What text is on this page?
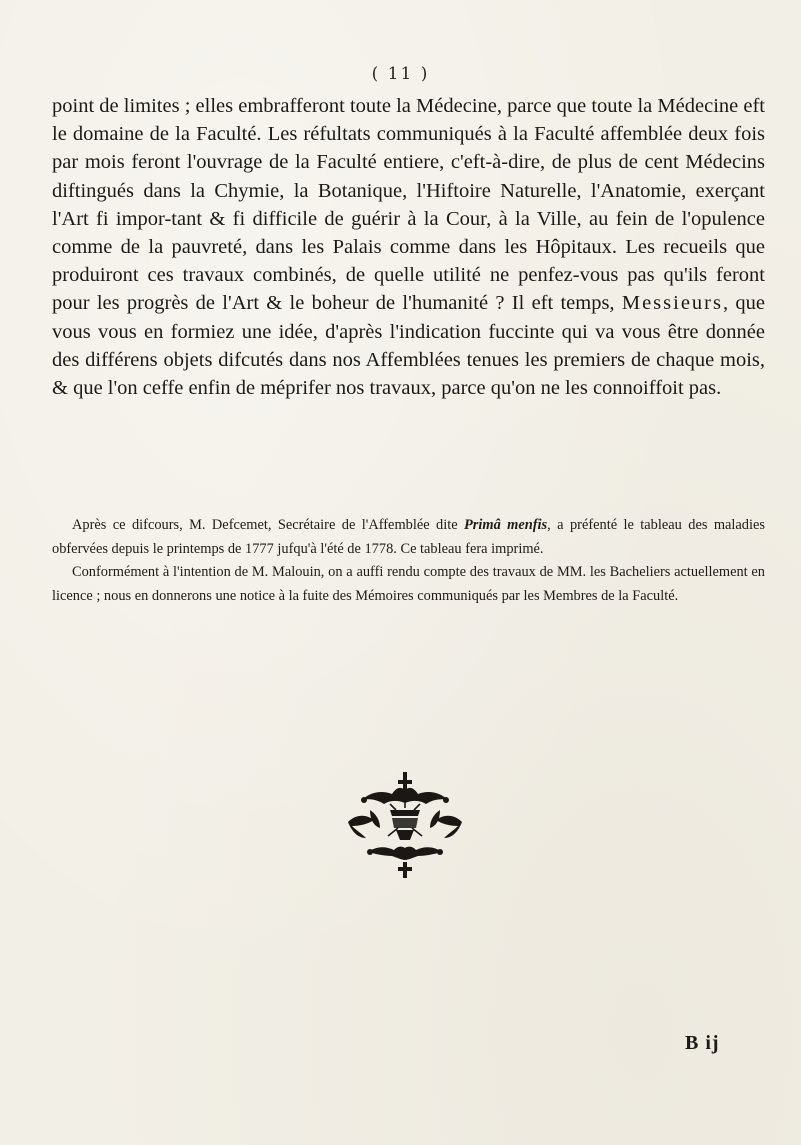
( 11 )

point de limites ; elles embrafferont toute la Médecine, parce que toute la Médecine eft le domaine de la Faculté. Les réfultats communiqués à la Faculté affemblée deux fois par mois feront l'ouvrage de la Faculté entiere, c'eft-à-dire, de plus de cent Médecins diftingués dans la Chymie, la Botanique, l'Hiftoire Naturelle, l'Anatomie, exerçant l'Art fi impor-tant & fi difficile de guérir à la Cour, à la Ville, au fein de l'opulence comme de la pauvreté, dans les Palais comme dans les Hôpitaux. Les recueils que produiront ces travaux combinés, de quelle utilité ne penfez-vous pas qu'ils feront pour les progrès de l'Art & le boheur de l'humanité ? Il eft temps, Messieurs, que vous vous en formiez une idée, d'après l'indication fuccinte qui va vous être donnée des différens objets difcutés dans nos Affemblées tenues les premiers de chaque mois, & que l'on ceffe enfin de méprifer nos travaux, parce qu'on ne les connoiffoit pas.

Après ce difcours, M. Defcemet, Secrétaire de l'Affemblée dite Primâ menfis, a préfenté le tableau des maladies obfervées depuis le printemps de 1777 jufqu'à l'été de 1778. Ce tableau fera imprimé.

Conformément à l'intention de M. Malouin, on a auffi rendu compte des travaux de MM. les Bacheliers actuellement en licence ; nous en donnerons une notice à la fuite des Mémoires communiqués par les Membres de la Faculté.

B ij
